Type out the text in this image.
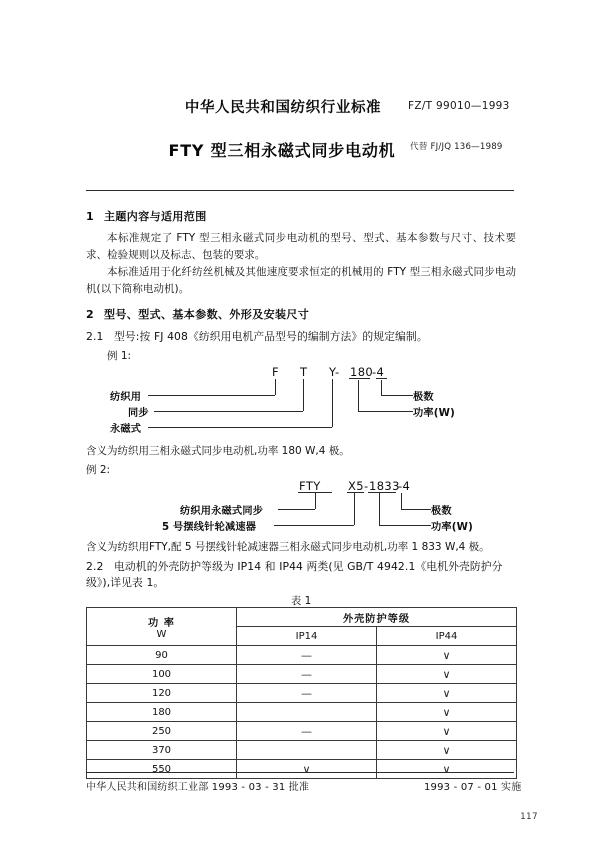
中华人民共和国纺织行业标准	FZ/T 99010—1993
FTY 型三相永磁式同步电动机	代替 FJ/JQ 136—1989
1 主题内容与适用范围

本标准规定了 FTY 型三相永磁式同步电动机的型号、型式、基本参数与尺寸、技术要求、检验规则以及标志、包装的要求。

本标准适用于化纤纺丝机械及其他速度要求恒定的机械用的 FTY 型三相永磁式同步电动机(以下简称电动机)。

2 型号、型式、基本参数、外形及安装尺寸
2.1 型号:按 FJ 408《纺织用电机产品型号的编制方法》的规定编制。
例 1:
F T Y- 180
-4
纺织用
同步
永磁式
极数
功率(W)

含义为纺织用三相永磁式同步电动机,功率 180 W,4 极。

例 2:
FTY X5- 1833
-4
纺织用永磁式同步
5 号摆线针轮减速器
极数
功率(W)

含义为纺织用FTY,配 5 号摆线针轮减速器三相永磁式同步电动机,功率 1 833 W,4 极。

2.2 电动机的外壳防护等级为 IP14 和 IP44 两类(见 GB/T 4942.1《电机外壳防护分级》),详见表 1。
表 1
功 率
W	外壳防护等级	
	IP14	IP44
90	—	∨
100	—	∨
120	—	∨
180		∨
250	—	∨
370		∨
550	∨	∨
中华人民共和国纺织工业部 1993 - 03 - 31 批准	1993 - 07 - 01 实施
117
